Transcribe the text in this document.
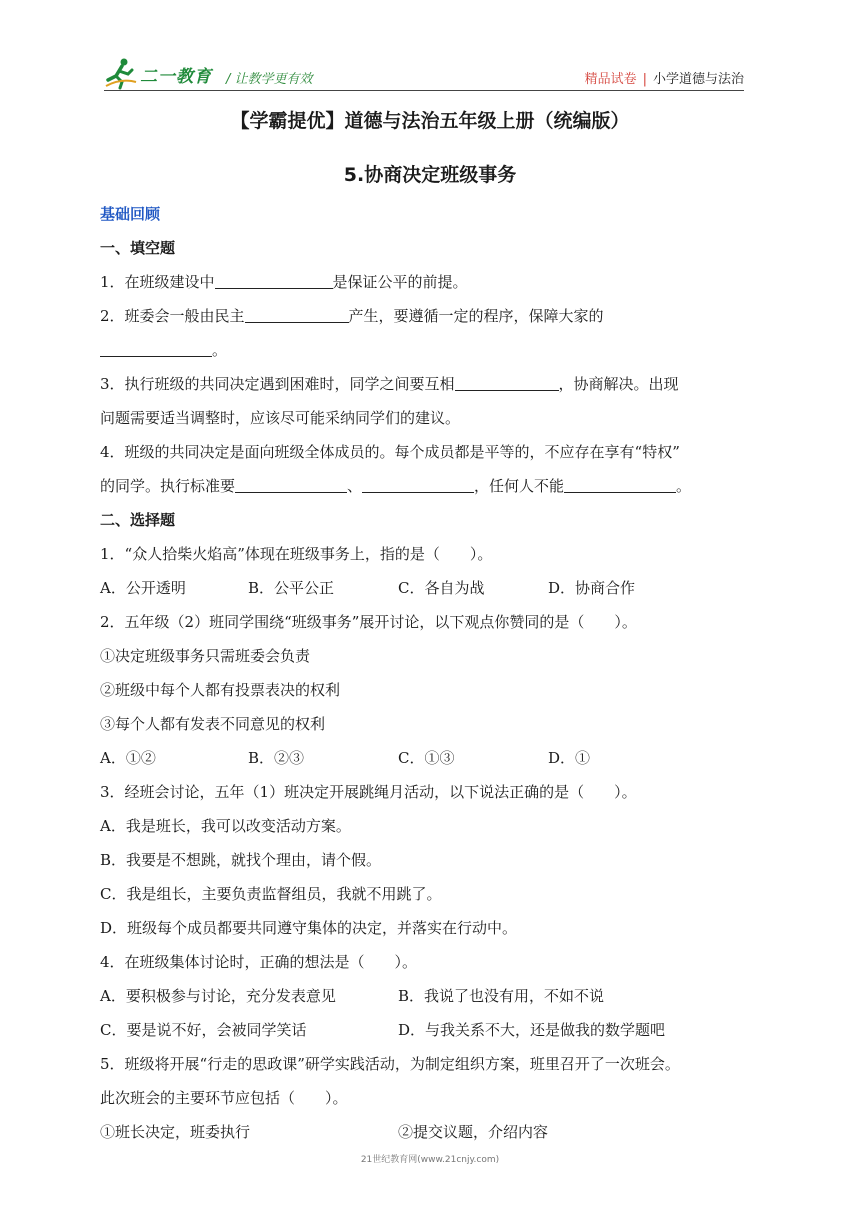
二一教育 / 让教学更有效	精品试卷 | 小学道德与法治
【学霸提优】道德与法治五年级上册（统编版）
5.协商决定班级事务
基础回顾
一、填空题
1．在班级建设中	是保证公平的前提。
2．班委会一般由民主	产生，要遵循一定的程序，保障大家的
。
3．执行班级的共同决定遇到困难时，同学之间要互相	，协商解决。出现
问题需要适当调整时，应该尽可能采纳同学们的建议。
4．班级的共同决定是面向班级全体成员的。每个成员都是平等的，不应存在享有“特权”
的同学。执行标准要	、	，任何人不能	。
二、选择题
1．“众人拾柴火焰高”体现在班级事务上，指的是（　　）。
A．公开透明	B．公平公正	C．各自为战	D．协商合作
2．五年级（2）班同学围绕“班级事务”展开讨论，以下观点你赞同的是（　　）。
①决定班级事务只需班委会负责
②班级中每个人都有投票表决的权利
③每个人都有发表不同意见的权利
A．①②	B．②③	C．①③	D．①
3．经班会讨论，五年（1）班决定开展跳绳月活动，以下说法正确的是（　　）。
A．我是班长，我可以改变活动方案。
B．我要是不想跳，就找个理由，请个假。
C．我是组长，主要负责监督组员，我就不用跳了。
D．班级每个成员都要共同遵守集体的决定，并落实在行动中。
4．在班级集体讨论时，正确的想法是（　　）。
A．要积极参与讨论，充分发表意见	B．我说了也没有用，不如不说
C．要是说不好，会被同学笑话	D．与我关系不大，还是做我的数学题吧
5．班级将开展“行走的思政课”研学实践活动，为制定组织方案，班里召开了一次班会。
此次班会的主要环节应包括（　　）。
①班长决定，班委执行	②提交议题，介绍内容
21世纪教育网(www.21cnjy.com)
